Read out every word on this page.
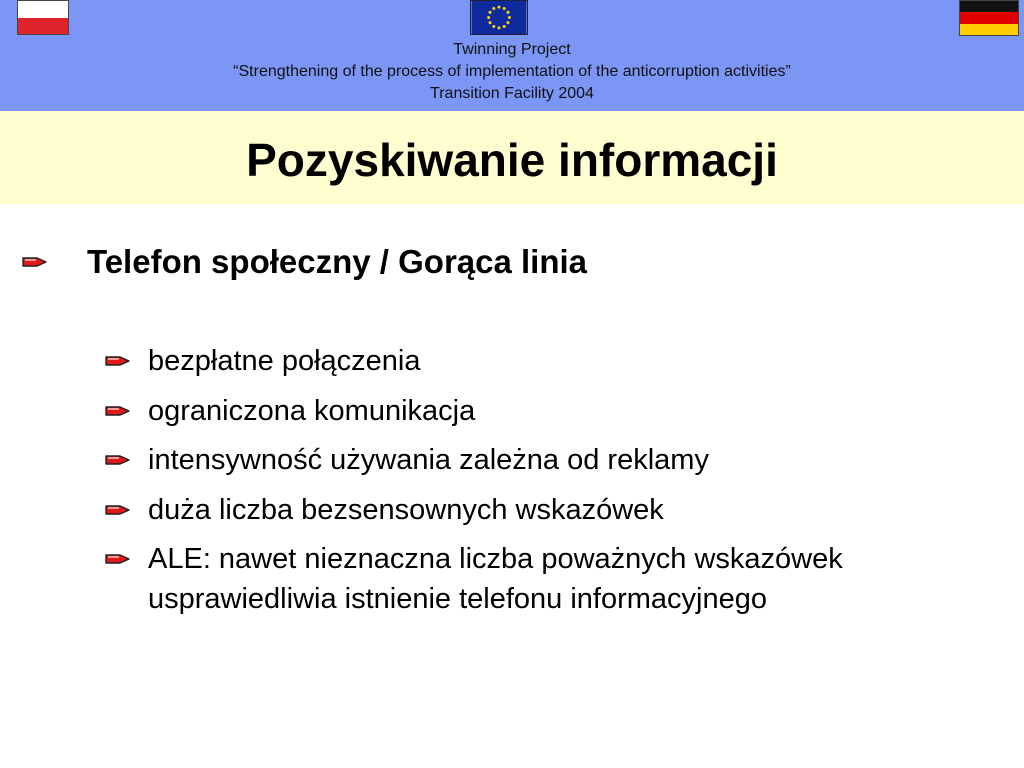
Twinning Project
“Strengthening of the process of implementation of the anticorruption activities”
Transition Facility 2004
Pozyskiwanie informacji
Telefon społeczny / Gorąca linia
bezpłatne połączenia
ograniczona komunikacja
intensywność używania zależna od reklamy
duża liczba bezsensownych wskazówek
ALE: nawet nieznaczna liczba poważnych wskazówek usprawiedliwia istnienie telefonu informacyjnego
